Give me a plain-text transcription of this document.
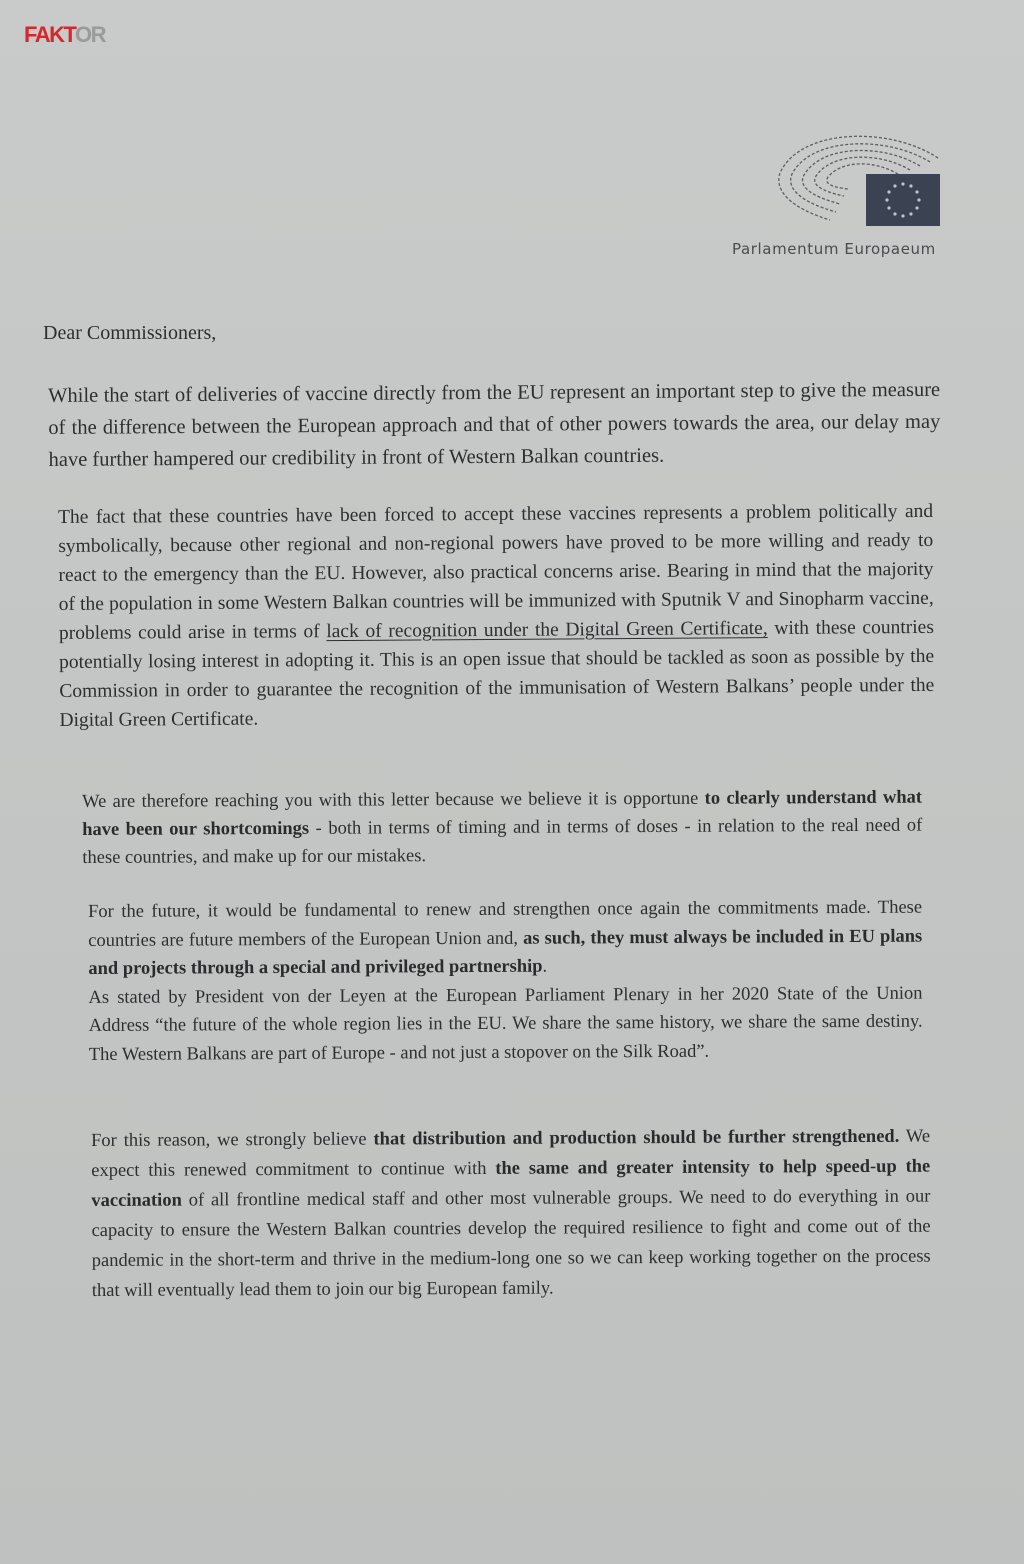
FAKTOR
Parlamentum Europaeum

Dear Commissioners,

While the start of deliveries of vaccine directly from the EU represent an important step to give the measure of the difference between the European approach and that of other powers towards the area, our delay may have further hampered our credibility in front of Western Balkan countries.

The fact that these countries have been forced to accept these vaccines represents a problem politically and symbolically, because other regional and non-regional powers have proved to be more willing and ready to react to the emergency than the EU. However, also practical concerns arise. Bearing in mind that the majority of the population in some Western Balkan countries will be immunized with Sputnik V and Sinopharm vaccine, problems could arise in terms of lack of recognition under the Digital Green Certificate, with these countries potentially losing interest in adopting it. This is an open issue that should be tackled as soon as possible by the Commission in order to guarantee the recognition of the immunisation of Western Balkans’ people under the Digital Green Certificate.

We are therefore reaching you with this letter because we believe it is opportune to clearly understand what have been our shortcomings - both in terms of timing and in terms of doses - in relation to the real need of these countries, and make up for our mistakes.

For the future, it would be fundamental to renew and strengthen once again the commitments made. These countries are future members of the European Union and, as such, they must always be included in EU plans and projects through a special and privileged partnership.
As stated by President von der Leyen at the European Parliament Plenary in her 2020 State of the Union Address “the future of the whole region lies in the EU. We share the same history, we share the same destiny. The Western Balkans are part of Europe - and not just a stopover on the Silk Road”.

For this reason, we strongly believe that distribution and production should be further strengthened. We expect this renewed commitment to continue with the same and greater intensity to help speed-up the vaccination of all frontline medical staff and other most vulnerable groups. We need to do everything in our capacity to ensure the Western Balkan countries develop the required resilience to fight and come out of the pandemic in the short-term and thrive in the medium-long one so we can keep working together on the process that will eventually lead them to join our big European family.
